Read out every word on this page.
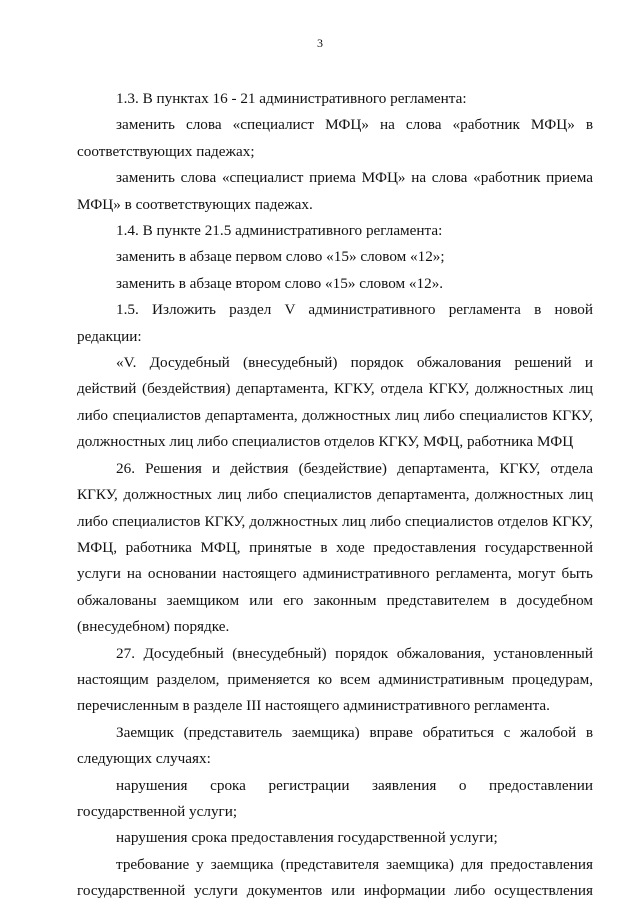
3

1.3. В пунктах 16 - 21 административного регламента:

заменить слова «специалист МФЦ» на слова «работник МФЦ» в соответствующих падежах;

заменить слова «специалист приема МФЦ» на слова «работник приема МФЦ» в соответствующих падежах.

1.4. В пункте 21.5 административного регламента:

заменить в абзаце первом слово «15» словом «12»;

заменить в абзаце втором слово «15» словом «12».

1.5. Изложить раздел V административного регламента в новой редакции:

«V. Досудебный (внесудебный) порядок обжалования решений и действий (бездействия) департамента, КГКУ, отдела КГКУ, должностных лиц либо специалистов департамента, должностных лиц либо специалистов КГКУ, должностных лиц либо специалистов отделов КГКУ, МФЦ, работника МФЦ

26. Решения и действия (бездействие) департамента, КГКУ, отдела КГКУ, должностных лиц либо специалистов департамента, должностных лиц либо специалистов КГКУ, должностных лиц либо специалистов отделов КГКУ, МФЦ, работника МФЦ, принятые в ходе предоставления государственной услуги на основании настоящего административного регламента, могут быть обжалованы заемщиком или его законным представителем в досудебном (внесудебном) порядке.

27. Досудебный (внесудебный) порядок обжалования, установленный настоящим разделом, применяется ко всем административным процедурам, перечисленным в разделе III настоящего административного регламента.

Заемщик (представитель заемщика) вправе обратиться с жалобой в следующих случаях:

нарушения срока регистрации заявления о предоставлении государственной услуги;

нарушения срока предоставления государственной услуги;

требование у заемщика (представителя заемщика) для предоставления государственной услуги документов или информации либо осуществления
